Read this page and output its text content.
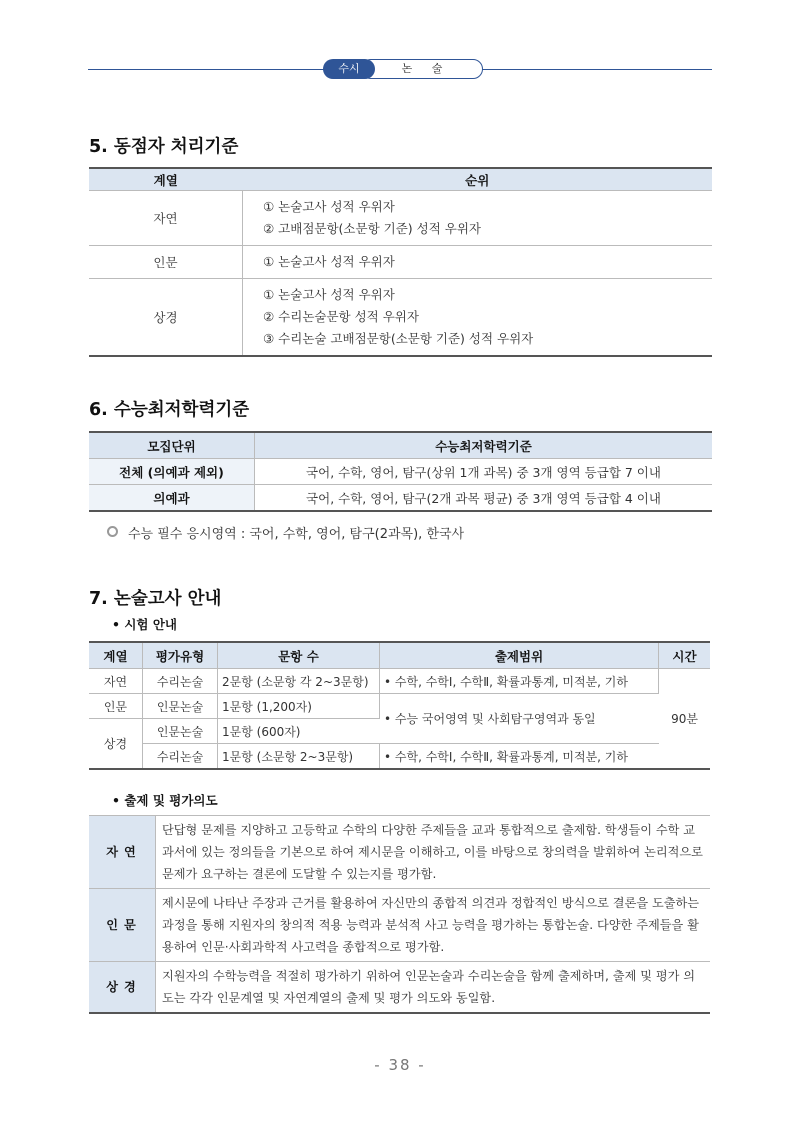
수시	논 술
5. 동점자 처리기준
계열	순위
자연	① 논술고사 성적 우위자
② 고배점문항(소문항 기준) 성적 우위자

인문	① 논술고사 성적 우위자

상경	① 논술고사 성적 우위자
② 수리논술문항 성적 우위자
③ 수리논술 고배점문항(소문항 기준) 성적 우위자
6. 수능최저학력기준
모집단위	수능최저학력기준
전체 (의예과 제외)	국어, 수학, 영어, 탐구(상위 1개 과목) 중 3개 영역 등급합 7 이내
의예과	국어, 수학, 영어, 탐구(2개 과목 평균) 중 3개 영역 등급합 4 이내
수능 필수 응시영역 : 국어, 수학, 영어, 탐구(2과목), 한국사
7. 논술고사 안내
• 시험 안내
계열	평가유형	문항 수	출제범위	시간
자연	수리논술	2문항 (소문항 각 2~3문항)	• 수학, 수학Ⅰ, 수학Ⅱ, 확률과통계, 미적분, 기하	90분
인문	인문논술	1문항 (1,200자)	• 수능 국어영역 및 사회탐구영역과 동일
상경	인문논술	1문항 (600자)		
	수리논술	1문항 (소문항 2~3문항)	• 수학, 수학Ⅰ, 수학Ⅱ, 확률과통계, 미적분, 기하
• 출제 및 평가의도
자연	단답형 문제를 지양하고 고등학교 수학의 다양한 주제들을 교과 통합적으로 출제함. 학생들이 수학 교과서에 있는 정의들을 기본으로 하여 제시문을 이해하고, 이를 바탕으로 창의력을 발휘하여 논리적으로 문제가 요구하는 결론에 도달할 수 있는지를 평가함.
인문	제시문에 나타난 주장과 근거를 활용하여 자신만의 종합적 의견과 정합적인 방식으로 결론을 도출하는 과정을 통해 지원자의 창의적 적용 능력과 분석적 사고 능력을 평가하는 통합논술. 다양한 주제들을 활용하여 인문·사회과학적 사고력을 종합적으로 평가함.
상경	지원자의 수학능력을 적절히 평가하기 위하여 인문논술과 수리논술을 함께 출제하며, 출제 및 평가 의도는 각각 인문계열 및 자연계열의 출제 및 평가 의도와 동일함.
- 38 -
